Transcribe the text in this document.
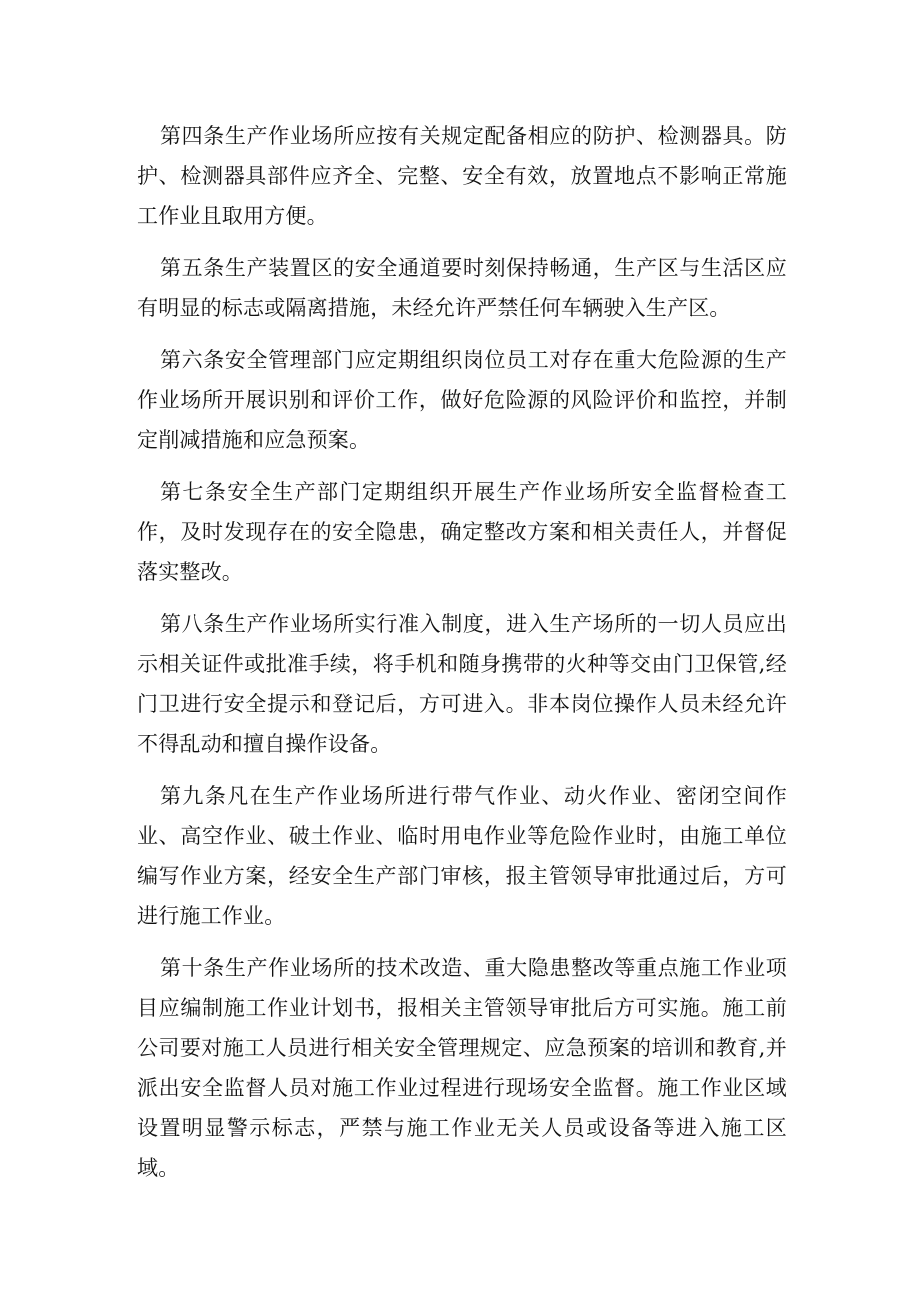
第四条生产作业场所应按有关规定配备相应的防护、检测器具。防护、检测器具部件应齐全、完整、安全有效，放置地点不影响正常施工作业且取用方便。

第五条生产装置区的安全通道要时刻保持畅通，生产区与生活区应有明显的标志或隔离措施，未经允许严禁任何车辆驶入生产区。

第六条安全管理部门应定期组织岗位员工对存在重大危险源的生产作业场所开展识别和评价工作，做好危险源的风险评价和监控，并制定削减措施和应急预案。

第七条安全生产部门定期组织开展生产作业场所安全监督检查工作，及时发现存在的安全隐患，确定整改方案和相关责任人，并督促落实整改。

第八条生产作业场所实行准入制度，进入生产场所的一切人员应出示相关证件或批准手续，将手机和随身携带的火种等交由门卫保管,经门卫进行安全提示和登记后，方可进入。非本岗位操作人员未经允许不得乱动和擅自操作设备。

第九条凡在生产作业场所进行带气作业、动火作业、密闭空间作业、高空作业、破土作业、临时用电作业等危险作业时，由施工单位编写作业方案，经安全生产部门审核，报主管领导审批通过后，方可进行施工作业。

第十条生产作业场所的技术改造、重大隐患整改等重点施工作业项目应编制施工作业计划书，报相关主管领导审批后方可实施。施工前公司要对施工人员进行相关安全管理规定、应急预案的培训和教育,并派出安全监督人员对施工作业过程进行现场安全监督。施工作业区域设置明显警示标志，严禁与施工作业无关人员或设备等进入施工区域。
